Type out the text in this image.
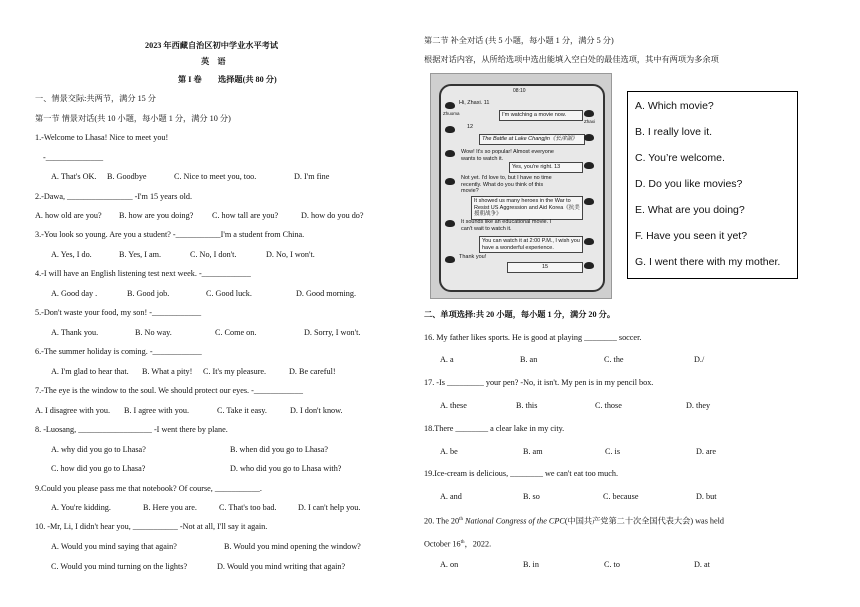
2023 年西藏自治区初中学业水平考试
英　语
第 I 卷　　选择题(共 80 分)
一、情景交际:共两节，满分 15 分
第一节 情景对话(共 10 小题，每小题 1 分，满分 10 分)
1.-Welcome to Lhasa! Nice to meet you!
-______________
A. That's OK. B. Goodbye	C. Nice to meet you, too.	D. I'm fine
2.-Dawa, ________________ -I'm 15 years old.
A. how old are you? B. how are you doing? C. how tall are you?	D. how do you do?
3.-You look so young. Are you a student? -___________I'm a student from China.
A. Yes, I do.	B. Yes, I am.	C. No, I don't.	D. No, I won't.
4.-I will have an English listening test next week. -____________
A. Good day .	B. Good job.	C. Good luck.	D. Good morning.
5.-Don't waste your food, my son! -____________
A. Thank you.	B. No way.	C. Come on.	D. Sorry, I won't.
6.-The summer holiday is coming. -____________
A. I'm glad to hear that. B. What a pity! C. It's my pleasure.	D. Be careful!
7.-The eye is the window to the soul. We should protect our eyes. -____________
A. I disagree with you. B. I agree with you.	C. Take it easy.	D. I don't know.
8. -Luosang, __________________ -I went there by plane.
A. why did you go to Lhasa?	B. when did you go to Lhasa?
C. how did you go to Lhasa?	D. who did you go to Lhasa with?
9.Could you please pass me that notebook? Of course, ___________.
A. You're kidding.	B. Here you are.	C. That's too bad.	D. I can't help you.
10. -Mr, Li, I didn't hear you, ___________ -Not at all, I'll say it again.
A. Would you mind saying that again?	B. Would you mind opening the window?
C. Would you mind turning on the lights?	D. Would you mind writing that again?
第二节 补全对话 (共 5 小题，每小题 1 分，满分 5 分)
根据对话内容，从所给选项中选出能填入空白处的最佳选项，其中有两项为多余项
08:10
Zhuoma
Hi, Zhaxi. 11
I'm watching a movie now.
Zhaxi
12
The Battle at Lake Changjin《长津湖》
Wow! It's so popular! Almost everyone wants to watch it.
Yes, you're right. 13
Not yet. I'd love to, but I have no time recently. What do you think of this movie?
It showed us many heroes in the War to Resist US Aggression and Aid Korea《抗美援朝战争》
It sounds like an educational movie. I can't wait to watch it.
You can watch it at 2:00 P.M., I wish you have a wonderful experience.
Thank you!
15
A. Which movie?
B. I really love it.
C. You’re welcome.
D. Do you like movies?
E. What are you doing?
F. Have you seen it yet?
G. I went there with my mother.
二、单项选择:共 20 小题，每小题 1 分，满分 20 分。
16. My father likes sports. He is good at playing ________ soccer.
A. a	B. an	C. the	D./
17. -Is _________ your pen? -No, it isn't. My pen is in my pencil box.
A. these	B. this	C. those	D. they
18.There ________ a clear lake in my city.
A. be	B. am	C. is	D. are
19.Ice-cream is delicious, ________ we can't eat too much.
A. and	B. so	C. because	D. but
20. The 20th National Congress of the CPC(中国共产党第二十次全国代表大会) was held
October 16th，2022.
A. on	B. in	C. to	D. at
